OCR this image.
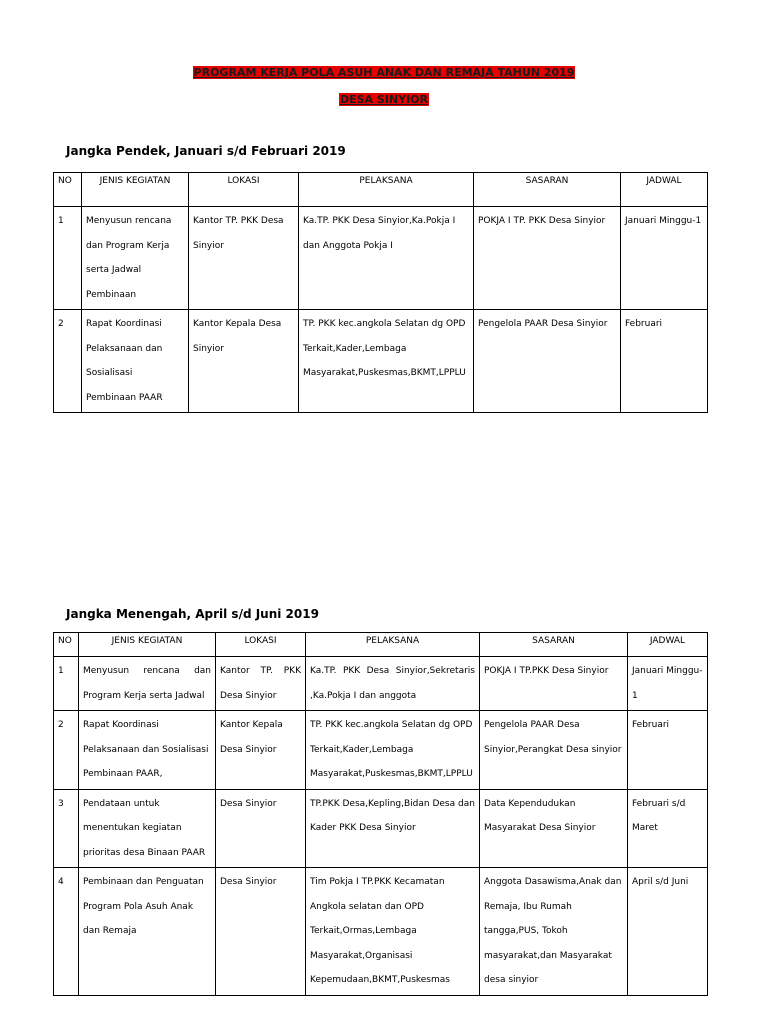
PROGRAM KERJA POLA ASUH ANAK DAN REMAJA TAHUN 2019
DESA SINYIOR
Jangka Pendek, Januari s/d Februari 2019
NO	JENIS KEGIATAN	LOKASI	PELAKSANA	SASARAN	JADWAL
1	Menyusun rencana dan Program Kerja serta Jadwal Pembinaan	Kantor TP. PKK Desa Sinyior	Ka.TP. PKK Desa Sinyior,Ka.Pokja I dan Anggota Pokja I	POKJA I TP. PKK Desa Sinyior	Januari Minggu-1
2	Rapat Koordinasi Pelaksanaan dan Sosialisasi Pembinaan PAAR	Kantor Kepala Desa Sinyior	TP. PKK kec.angkola Selatan dg OPD Terkait,Kader,Lembaga Masyarakat,Puskesmas,BKMT,LPPLU	Pengelola PAAR Desa Sinyior	Februari
Jangka Menengah, April s/d Juni 2019
NO	JENIS KEGIATAN	LOKASI	PELAKSANA	SASARAN	JADWAL
1	Menyusun rencana dan Program Kerja serta Jadwal	Kantor TP. PKK Desa Sinyior	Ka.TP. PKK Desa Sinyior,Sekretaris ,Ka.Pokja I dan anggota	POKJA I TP.PKK Desa Sinyior	Januari Minggu-1
2	Rapat Koordinasi Pelaksanaan dan Sosialisasi Pembinaan PAAR,	Kantor Kepala Desa Sinyior	TP. PKK kec.angkola Selatan dg OPD Terkait,Kader,Lembaga Masyarakat,Puskesmas,BKMT,LPPLU	Pengelola PAAR Desa Sinyior,Perangkat Desa sinyior	Februari
3	Pendataan untuk menentukan kegiatan prioritas desa Binaan PAAR	Desa Sinyior	TP.PKK Desa,Kepling,Bidan Desa dan Kader PKK Desa Sinyior	Data Kependudukan Masyarakat Desa Sinyior	Februari s/d Maret
4	Pembinaan dan Penguatan Program Pola Asuh Anak dan Remaja	Desa Sinyior	Tim Pokja I TP.PKK Kecamatan Angkola selatan dan OPD Terkait,Ormas,Lembaga Masyarakat,Organisasi Kepemudaan,BKMT,Puskesmas	Anggota Dasawisma,Anak dan Remaja, Ibu Rumah tangga,PUS, Tokoh masyarakat,dan Masyarakat desa sinyior	April s/d Juni
